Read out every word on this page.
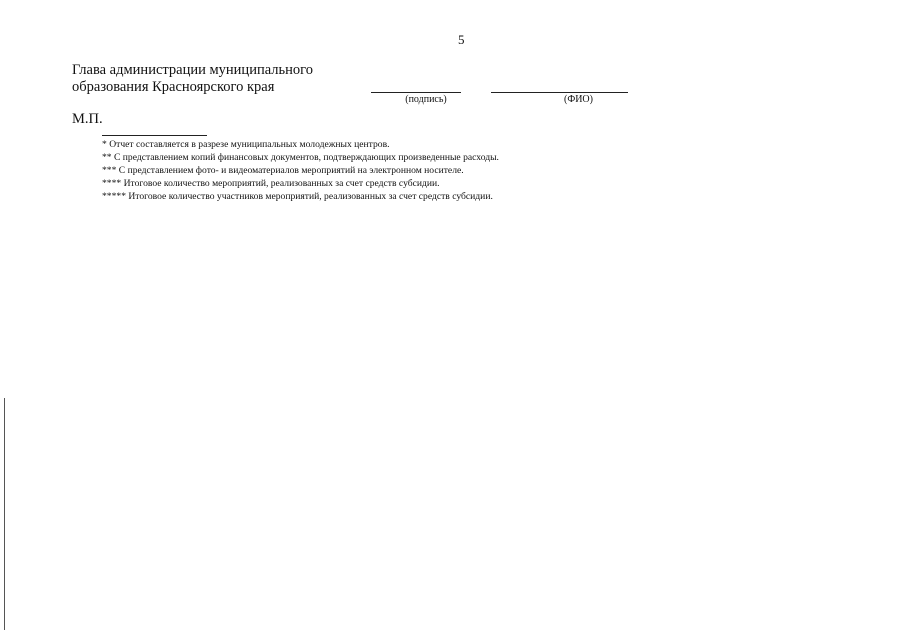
5
Глава администрации муниципального
образования Красноярского края
(подпись)	(ФИО)
М.П.
* Отчет составляется в разрезе муниципальных молодежных центров.
** С представлением копий финансовых документов, подтверждающих произведенные расходы.
*** С представлением фото- и видеоматериалов мероприятий на электронном носителе.
**** Итоговое количество мероприятий, реализованных за счет средств субсидии.
***** Итоговое количество участников мероприятий, реализованных за счет средств субсидии.
